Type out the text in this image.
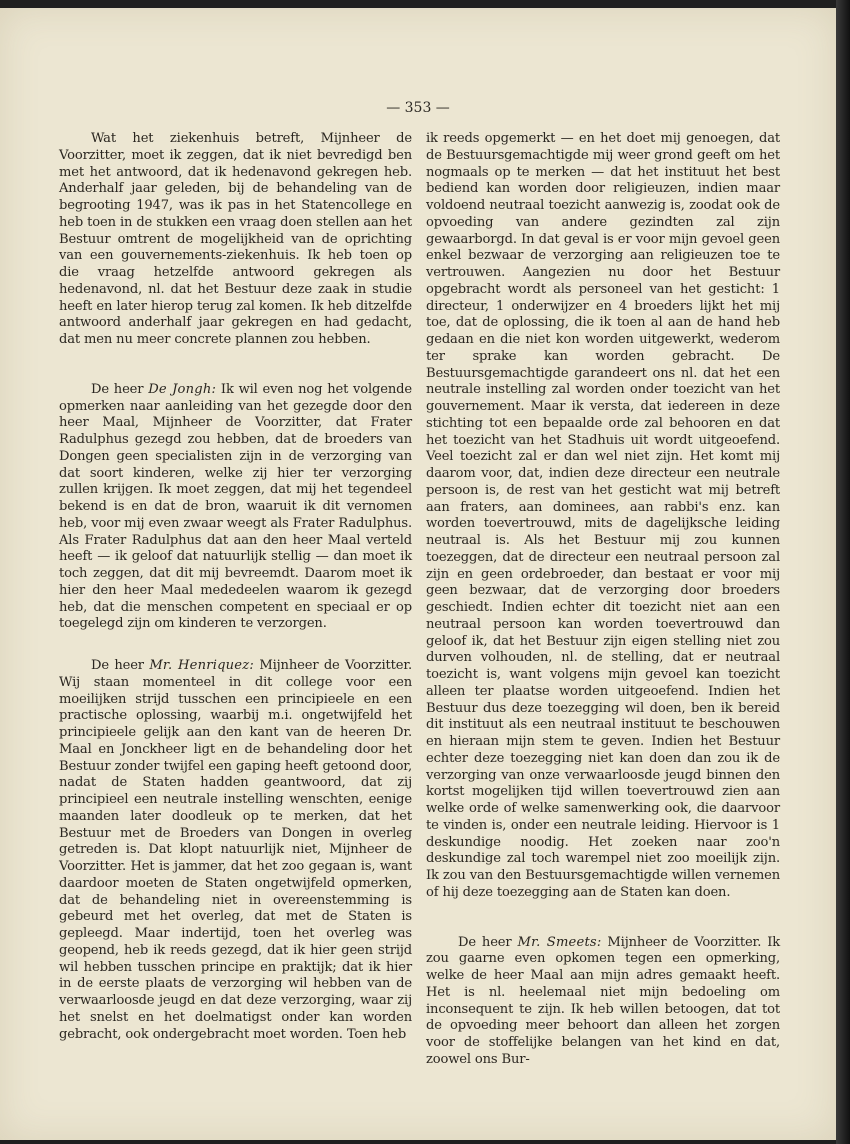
— 353 —

Wat het ziekenhuis betreft, Mijnheer de Voorzitter, moet ik zeggen, dat ik niet bevredigd ben met het antwoord, dat ik hedenavond gekregen heb. Anderhalf jaar geleden, bij de behandeling van de begrooting 1947, was ik pas in het Statencollege en heb toen in de stukken een vraag doen stellen aan het Bestuur omtrent de mogelijkheid van de oprichting van een gouvernements-ziekenhuis. Ik heb toen op die vraag hetzelfde antwoord gekregen als hedenavond, nl. dat het Bestuur deze zaak in studie heeft en later hierop terug zal komen. Ik heb ditzelfde antwoord anderhalf jaar gekregen en had gedacht, dat men nu meer concrete plannen zou hebben.

De heer De Jongh: Ik wil even nog het volgende opmerken naar aanleiding van het gezegde door den heer Maal, Mijnheer de Voorzitter, dat Frater Radulphus gezegd zou hebben, dat de broeders van Dongen geen specialisten zijn in de verzorging van dat soort kinderen, welke zij hier ter verzorging zullen krijgen. Ik moet zeggen, dat mij het tegendeel bekend is en dat de bron, waaruit ik dit vernomen heb, voor mij even zwaar weegt als Frater Radulphus. Als Frater Radulphus dat aan den heer Maal verteld heeft — ik geloof dat natuurlijk stellig — dan moet ik toch zeggen, dat dit mij bevreemdt. Daarom moet ik hier den heer Maal mededeelen waarom ik gezegd heb, dat die menschen competent en speciaal er op toegelegd zijn om kinderen te verzorgen.

De heer Mr. Henriquez: Mijnheer de Voorzitter. Wij staan momenteel in dit college voor een moeilijken strijd tusschen een principieele en een practische oplossing, waarbij m.i. ongetwijfeld het principieele gelijk aan den kant van de heeren Dr. Maal en Jonckheer ligt en de behandeling door het Bestuur zonder twijfel een gaping heeft getoond door, nadat de Staten hadden geantwoord, dat zij principieel een neutrale instelling wenschten, eenige maanden later doodleuk op te merken, dat het Bestuur met de Broeders van Dongen in overleg getreden is. Dat klopt natuurlijk niet, Mijnheer de Voorzitter. Het is jammer, dat het zoo gegaan is, want daardoor moeten de Staten ongetwijfeld opmerken, dat de behandeling niet in overeenstemming is gebeurd met het overleg, dat met de Staten is gepleegd. Maar indertijd, toen het overleg was geopend, heb ik reeds gezegd, dat ik hier geen strijd wil hebben tusschen principe en praktijk; dat ik hier in de eerste plaats de verzorging wil hebben van de verwaarloosde jeugd en dat deze verzorging, waar zij het snelst en het doelmatigst onder kan worden gebracht, ook ondergebracht moet worden. Toen heb

ik reeds opgemerkt — en het doet mij genoegen, dat de Bestuursgemachtigde mij weer grond geeft om het nogmaals op te merken — dat het instituut het best bediend kan worden door religieuzen, indien maar voldoend neutraal toezicht aanwezig is, zoodat ook de opvoeding van andere gezindten zal zijn gewaarborgd. In dat geval is er voor mijn gevoel geen enkel bezwaar de verzorging aan religieuzen toe te vertrouwen. Aangezien nu door het Bestuur opgebracht wordt als personeel van het gesticht: 1 directeur, 1 onderwijzer en 4 broeders lijkt het mij toe, dat de oplossing, die ik toen al aan de hand heb gedaan en die niet kon worden uitgewerkt, wederom ter sprake kan worden gebracht. De Bestuursgemachtigde garandeert ons nl. dat het een neutrale instelling zal worden onder toezicht van het gouvernement. Maar ik versta, dat iedereen in deze stichting tot een bepaalde orde zal behooren en dat het toezicht van het Stadhuis uit wordt uitgeoefend. Veel toezicht zal er dan wel niet zijn. Het komt mij daarom voor, dat, indien deze directeur een neutrale persoon is, de rest van het gesticht wat mij betreft aan fraters, aan dominees, aan rabbi's enz. kan worden toevertrouwd, mits de dagelijksche leiding neutraal is. Als het Bestuur mij zou kunnen toezeggen, dat de directeur een neutraal persoon zal zijn en geen ordebroeder, dan bestaat er voor mij geen bezwaar, dat de verzorging door broeders geschiedt. Indien echter dit toezicht niet aan een neutraal persoon kan worden toevertrouwd dan geloof ik, dat het Bestuur zijn eigen stelling niet zou durven volhouden, nl. de stelling, dat er neutraal toezicht is, want volgens mijn gevoel kan toezicht alleen ter plaatse worden uitgeoefend. Indien het Bestuur dus deze toezegging wil doen, ben ik bereid dit instituut als een neutraal instituut te beschouwen en hieraan mijn stem te geven. Indien het Bestuur echter deze toezegging niet kan doen dan zou ik de verzorging van onze verwaarloosde jeugd binnen den kortst mogelijken tijd willen toevertrouwd zien aan welke orde of welke samenwerking ook, die daarvoor te vinden is, onder een neutrale leiding. Hiervoor is 1 deskundige noodig. Het zoeken naar zoo'n deskundige zal toch warempel niet zoo moeilijk zijn. Ik zou van den Bestuursgemachtigde willen vernemen of hij deze toezegging aan de Staten kan doen.

De heer Mr. Smeets: Mijnheer de Voorzitter. Ik zou gaarne even opkomen tegen een opmerking, welke de heer Maal aan mijn adres gemaakt heeft. Het is nl. heelemaal niet mijn bedoeling om inconsequent te zijn. Ik heb willen betoogen, dat tot de opvoeding meer behoort dan alleen het zorgen voor de stoffelijke belangen van het kind en dat, zoowel ons Bur-
